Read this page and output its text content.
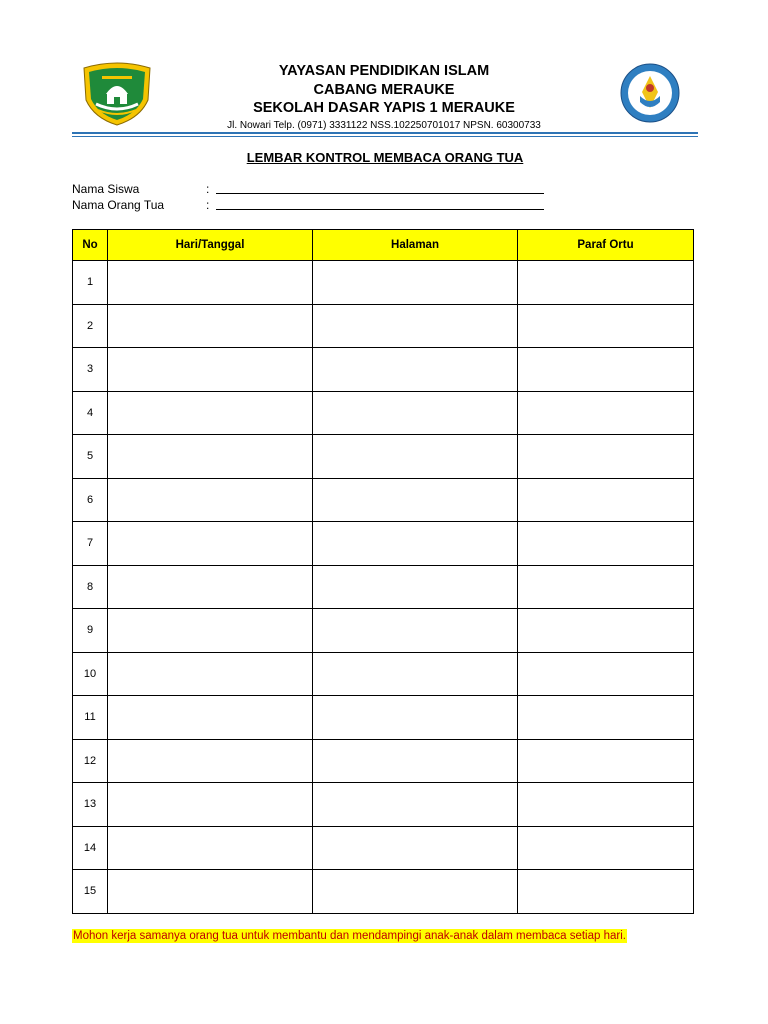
YAYASAN PENDIDIKAN ISLAM
CABANG MERAUKE
SEKOLAH DASAR YAPIS 1 MERAUKE
Jl. Nowari Telp. (0971) 3331122 NSS.102250701017 NPSN. 60300733
LEMBAR KONTROL MEMBACA ORANG TUA
Nama Siswa	:
Nama Orang Tua	:
No	Hari/Tanggal	Halaman	Paraf Ortu
1			
2			
3			
4			
5			
6			
7			
8			
9			
10			
11			
12			
13			
14			
15			
Mohon kerja samanya orang tua untuk membantu dan mendampingi anak-anak dalam membaca setiap hari.
